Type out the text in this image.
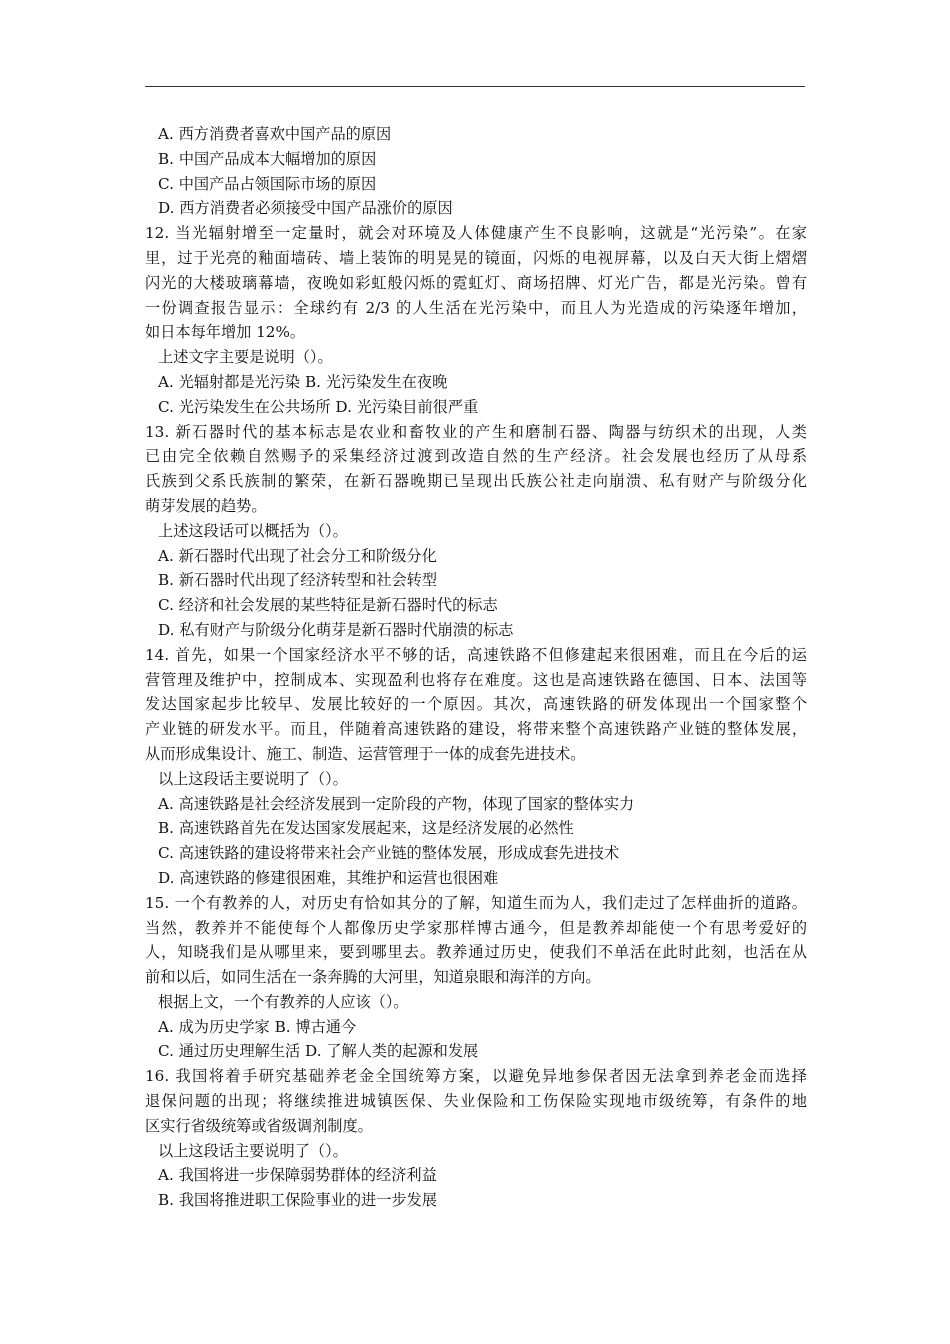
A. 西方消费者喜欢中国产品的原因
B. 中国产品成本大幅增加的原因
C. 中国产品占领国际市场的原因
D. 西方消费者必须接受中国产品涨价的原因
12. 当光辐射增至一定量时，就会对环境及人体健康产生不良影响，这就是“光污染”。在家
里，过于光亮的釉面墙砖、墙上装饰的明晃晃的镜面，闪烁的电视屏幕，以及白天大街上熠熠
闪光的大楼玻璃幕墙，夜晚如彩虹般闪烁的霓虹灯、商场招牌、灯光广告，都是光污染。曾有
一份调查报告显示：全球约有 2/3 的人生活在光污染中，而且人为光造成的污染逐年增加，
如日本每年增加 12%。
上述文字主要是说明（）。
A. 光辐射都是光污染 B. 光污染发生在夜晚
C. 光污染发生在公共场所 D. 光污染目前很严重
13. 新石器时代的基本标志是农业和畜牧业的产生和磨制石器、陶器与纺织术的出现，人类
已由完全依赖自然赐予的采集经济过渡到改造自然的生产经济。社会发展也经历了从母系
氏族到父系氏族制的繁荣，在新石器晚期已呈现出氏族公社走向崩溃、私有财产与阶级分化
萌芽发展的趋势。
上述这段话可以概括为（）。
A. 新石器时代出现了社会分工和阶级分化
B. 新石器时代出现了经济转型和社会转型
C. 经济和社会发展的某些特征是新石器时代的标志
D. 私有财产与阶级分化萌芽是新石器时代崩溃的标志
14. 首先，如果一个国家经济水平不够的话，高速铁路不但修建起来很困难，而且在今后的运
营管理及维护中，控制成本、实现盈利也将存在难度。这也是高速铁路在德国、日本、法国等
发达国家起步比较早、发展比较好的一个原因。其次，高速铁路的研发体现出一个国家整个
产业链的研发水平。而且，伴随着高速铁路的建设，将带来整个高速铁路产业链的整体发展，
从而形成集设计、施工、制造、运营管理于一体的成套先进技术。
以上这段话主要说明了（）。
A. 高速铁路是社会经济发展到一定阶段的产物，体现了国家的整体实力
B. 高速铁路首先在发达国家发展起来，这是经济发展的必然性
C. 高速铁路的建设将带来社会产业链的整体发展，形成成套先进技术
D. 高速铁路的修建很困难，其维护和运营也很困难
15. 一个有教养的人，对历史有恰如其分的了解，知道生而为人，我们走过了怎样曲折的道路。
当然，教养并不能使每个人都像历史学家那样博古通今，但是教养却能使一个有思考爱好的
人，知晓我们是从哪里来，要到哪里去。教养通过历史，使我们不单活在此时此刻，也活在从
前和以后，如同生活在一条奔腾的大河里，知道泉眼和海洋的方向。
根据上文，一个有教养的人应该（）。
A. 成为历史学家 B. 博古通今
C. 通过历史理解生活 D. 了解人类的起源和发展
16. 我国将着手研究基础养老金全国统筹方案，以避免异地参保者因无法拿到养老金而选择
退保问题的出现；将继续推进城镇医保、失业保险和工伤保险实现地市级统筹，有条件的地
区实行省级统筹或省级调剂制度。
以上这段话主要说明了（）。
A. 我国将进一步保障弱势群体的经济利益
B. 我国将推进职工保险事业的进一步发展
